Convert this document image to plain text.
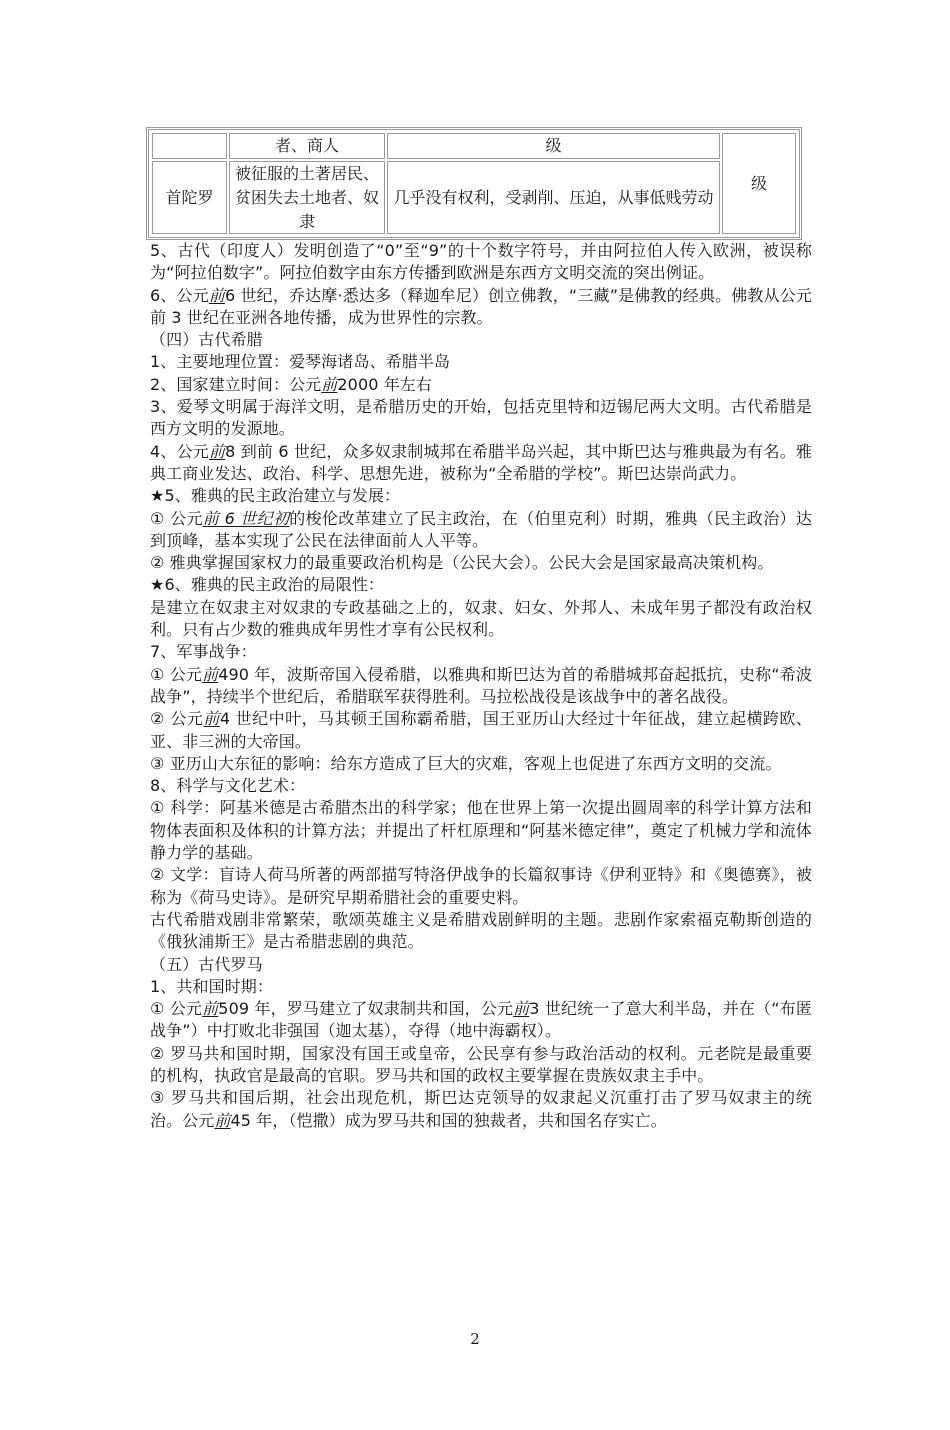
者、商人	级
首陀罗
被征服的土著居民、贫困失去土地者、奴隶
几乎没有权利，受剥削、压迫，从事低贱劳动
级

5、古代（印度人）发明创造了“0”至“9”的十个数字符号，并由阿拉伯人传入欧洲，被误称为“阿拉伯数字”。阿拉伯数字由东方传播到欧洲是东西方文明交流的突出例证。

6、公元前6 世纪，乔达摩·悉达多（释迦牟尼）创立佛教，“三藏”是佛教的经典。佛教从公元前 3 世纪在亚洲各地传播，成为世界性的宗教。

（四）古代希腊

1、主要地理位置：爱琴海诸岛、希腊半岛

2、国家建立时间：公元前2000 年左右

3、爱琴文明属于海洋文明，是希腊历史的开始，包括克里特和迈锡尼两大文明。古代希腊是西方文明的发源地。

4、公元前8 到前 6 世纪，众多奴隶制城邦在希腊半岛兴起，其中斯巴达与雅典最为有名。雅典工商业发达、政治、科学、思想先进，被称为“全希腊的学校”。斯巴达崇尚武力。

★5、雅典的民主政治建立与发展：

① 公元前 6 世纪初的梭伦改革建立了民主政治，在（伯里克利）时期，雅典（民主政治）达到顶峰，基本实现了公民在法律面前人人平等。

② 雅典掌握国家权力的最重要政治机构是（公民大会）。公民大会是国家最高决策机构。

★6、雅典的民主政治的局限性：

是建立在奴隶主对奴隶的专政基础之上的，奴隶、妇女、外邦人、未成年男子都没有政治权利。只有占少数的雅典成年男性才享有公民权利。

7、军事战争：

① 公元前490 年，波斯帝国入侵希腊，以雅典和斯巴达为首的希腊城邦奋起抵抗，史称“希波战争”，持续半个世纪后，希腊联军获得胜利。马拉松战役是该战争中的著名战役。

② 公元前4 世纪中叶，马其顿王国称霸希腊，国王亚历山大经过十年征战，建立起横跨欧、亚、非三洲的大帝国。

③ 亚历山大东征的影响：给东方造成了巨大的灾难，客观上也促进了东西方文明的交流。

8、科学与文化艺术：

① 科学：阿基米德是古希腊杰出的科学家；他在世界上第一次提出圆周率的科学计算方法和物体表面积及体积的计算方法；并提出了杆杠原理和“阿基米德定律”，奠定了机械力学和流体静力学的基础。

② 文学：盲诗人荷马所著的两部描写特洛伊战争的长篇叙事诗《伊利亚特》和《奥德赛》，被称为《荷马史诗》。是研究早期希腊社会的重要史料。

古代希腊戏剧非常繁荣，歌颂英雄主义是希腊戏剧鲜明的主题。悲剧作家索福克勒斯创造的《俄狄浦斯王》是古希腊悲剧的典范。

（五）古代罗马

1、共和国时期：

① 公元前509 年，罗马建立了奴隶制共和国，公元前3 世纪统一了意大利半岛，并在（“布匿战争”）中打败北非强国（迦太基），夺得（地中海霸权）。

② 罗马共和国时期，国家没有国王或皇帝，公民享有参与政治活动的权利。元老院是最重要的机构，执政官是最高的官职。罗马共和国的政权主要掌握在贵族奴隶主手中。

③ 罗马共和国后期，社会出现危机，斯巴达克领导的奴隶起义沉重打击了罗马奴隶主的统治。公元前45 年，（恺撒）成为罗马共和国的独裁者，共和国名存实亡。

2
